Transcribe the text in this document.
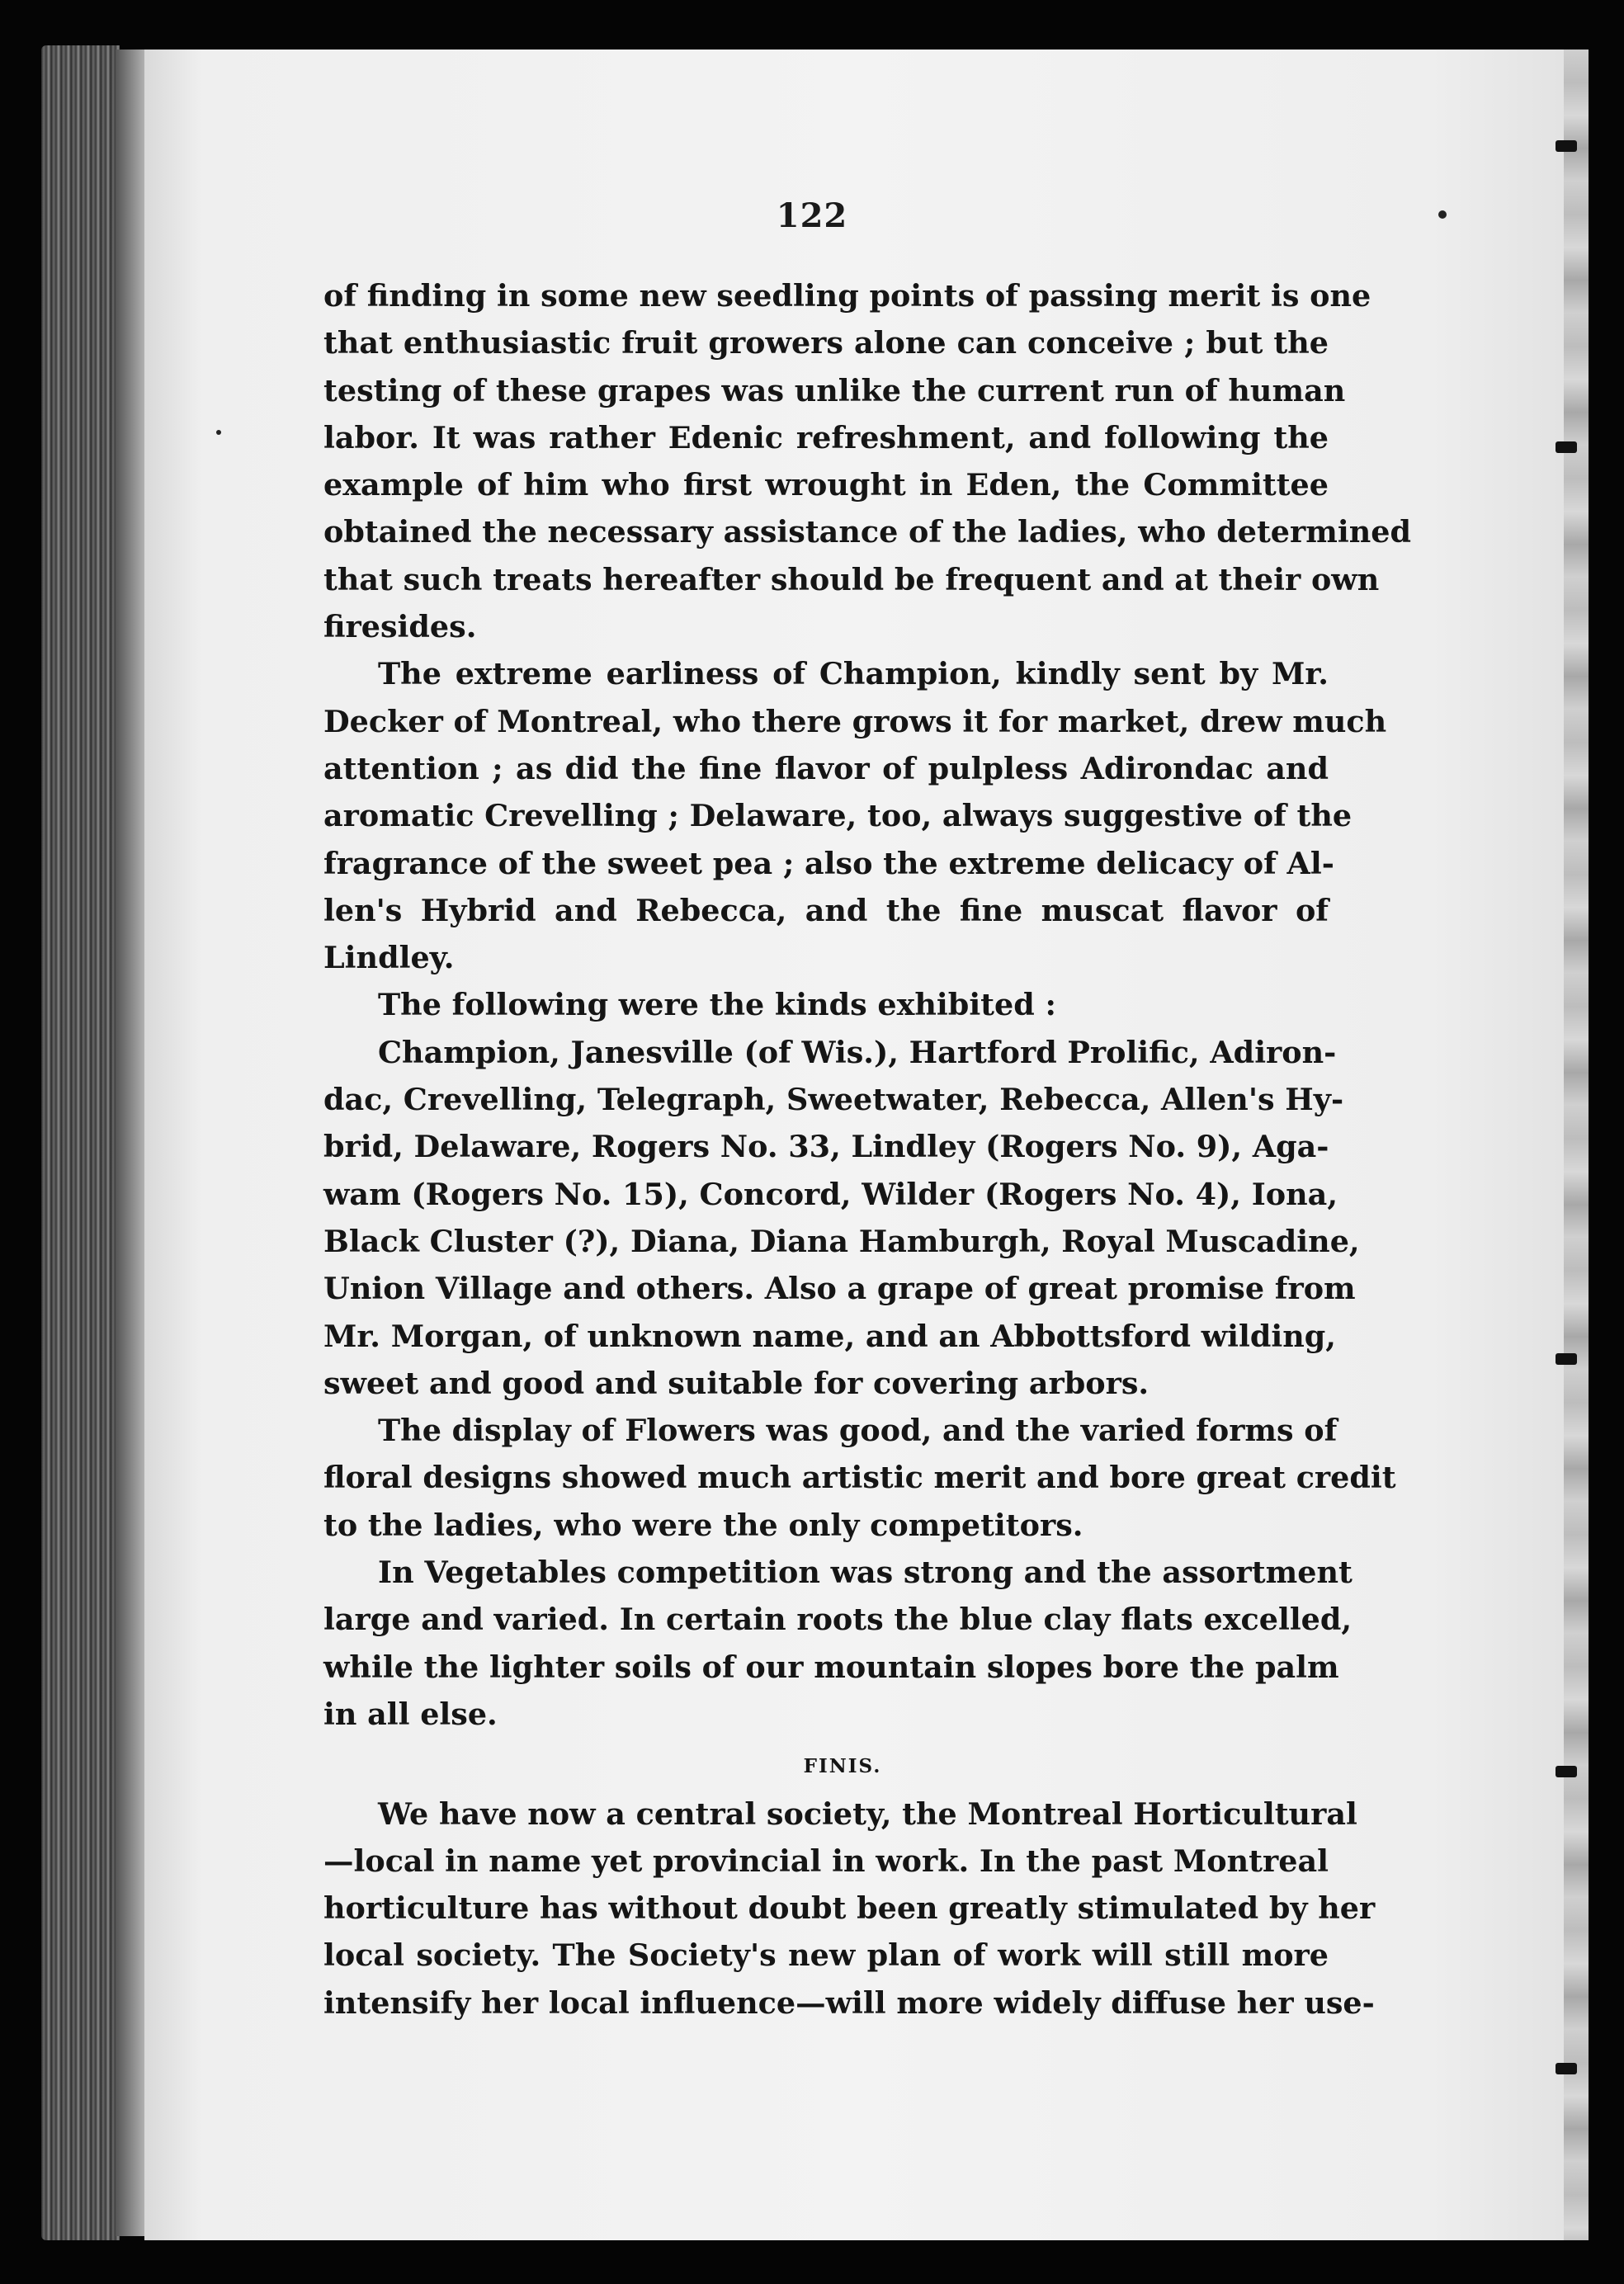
122
of finding in some new seedling points of passing merit is one
that enthusiastic fruit growers alone can conceive ; but the
testing of these grapes was unlike the current run of human
labor. It was rather Edenic refreshment, and following the
example of him who first wrought in Eden, the Committee
obtained the necessary assistance of the ladies, who determined
that such treats hereafter should be frequent and at their own
firesides.
The extreme earliness of Champion, kindly sent by Mr.
Decker of Montreal, who there grows it for market, drew much
attention ; as did the fine flavor of pulpless Adirondac and
aromatic Crevelling ; Delaware, too, always suggestive of the
fragrance of the sweet pea ; also the extreme delicacy of Al-
len's Hybrid and Rebecca, and the fine muscat flavor of
Lindley.
The following were the kinds exhibited :
Champion, Janesville (of Wis.), Hartford Prolific, Adiron-
dac, Crevelling, Telegraph, Sweetwater, Rebecca, Allen's Hy-
brid, Delaware, Rogers No. 33, Lindley (Rogers No. 9), Aga-
wam (Rogers No. 15), Concord, Wilder (Rogers No. 4), Iona,
Black Cluster (?), Diana, Diana Hamburgh, Royal Muscadine,
Union Village and others. Also a grape of great promise from
Mr. Morgan, of unknown name, and an Abbottsford wilding,
sweet and good and suitable for covering arbors.
The display of Flowers was good, and the varied forms of
floral designs showed much artistic merit and bore great credit
to the ladies, who were the only competitors.
In Vegetables competition was strong and the assortment
large and varied. In certain roots the blue clay flats excelled,
while the lighter soils of our mountain slopes bore the palm
in all else.
FINIS.
We have now a central society, the Montreal Horticultural
—local in name yet provincial in work. In the past Montreal
horticulture has without doubt been greatly stimulated by her
local society. The Society's new plan of work will still more
intensify her local influence—will more widely diffuse her use-
